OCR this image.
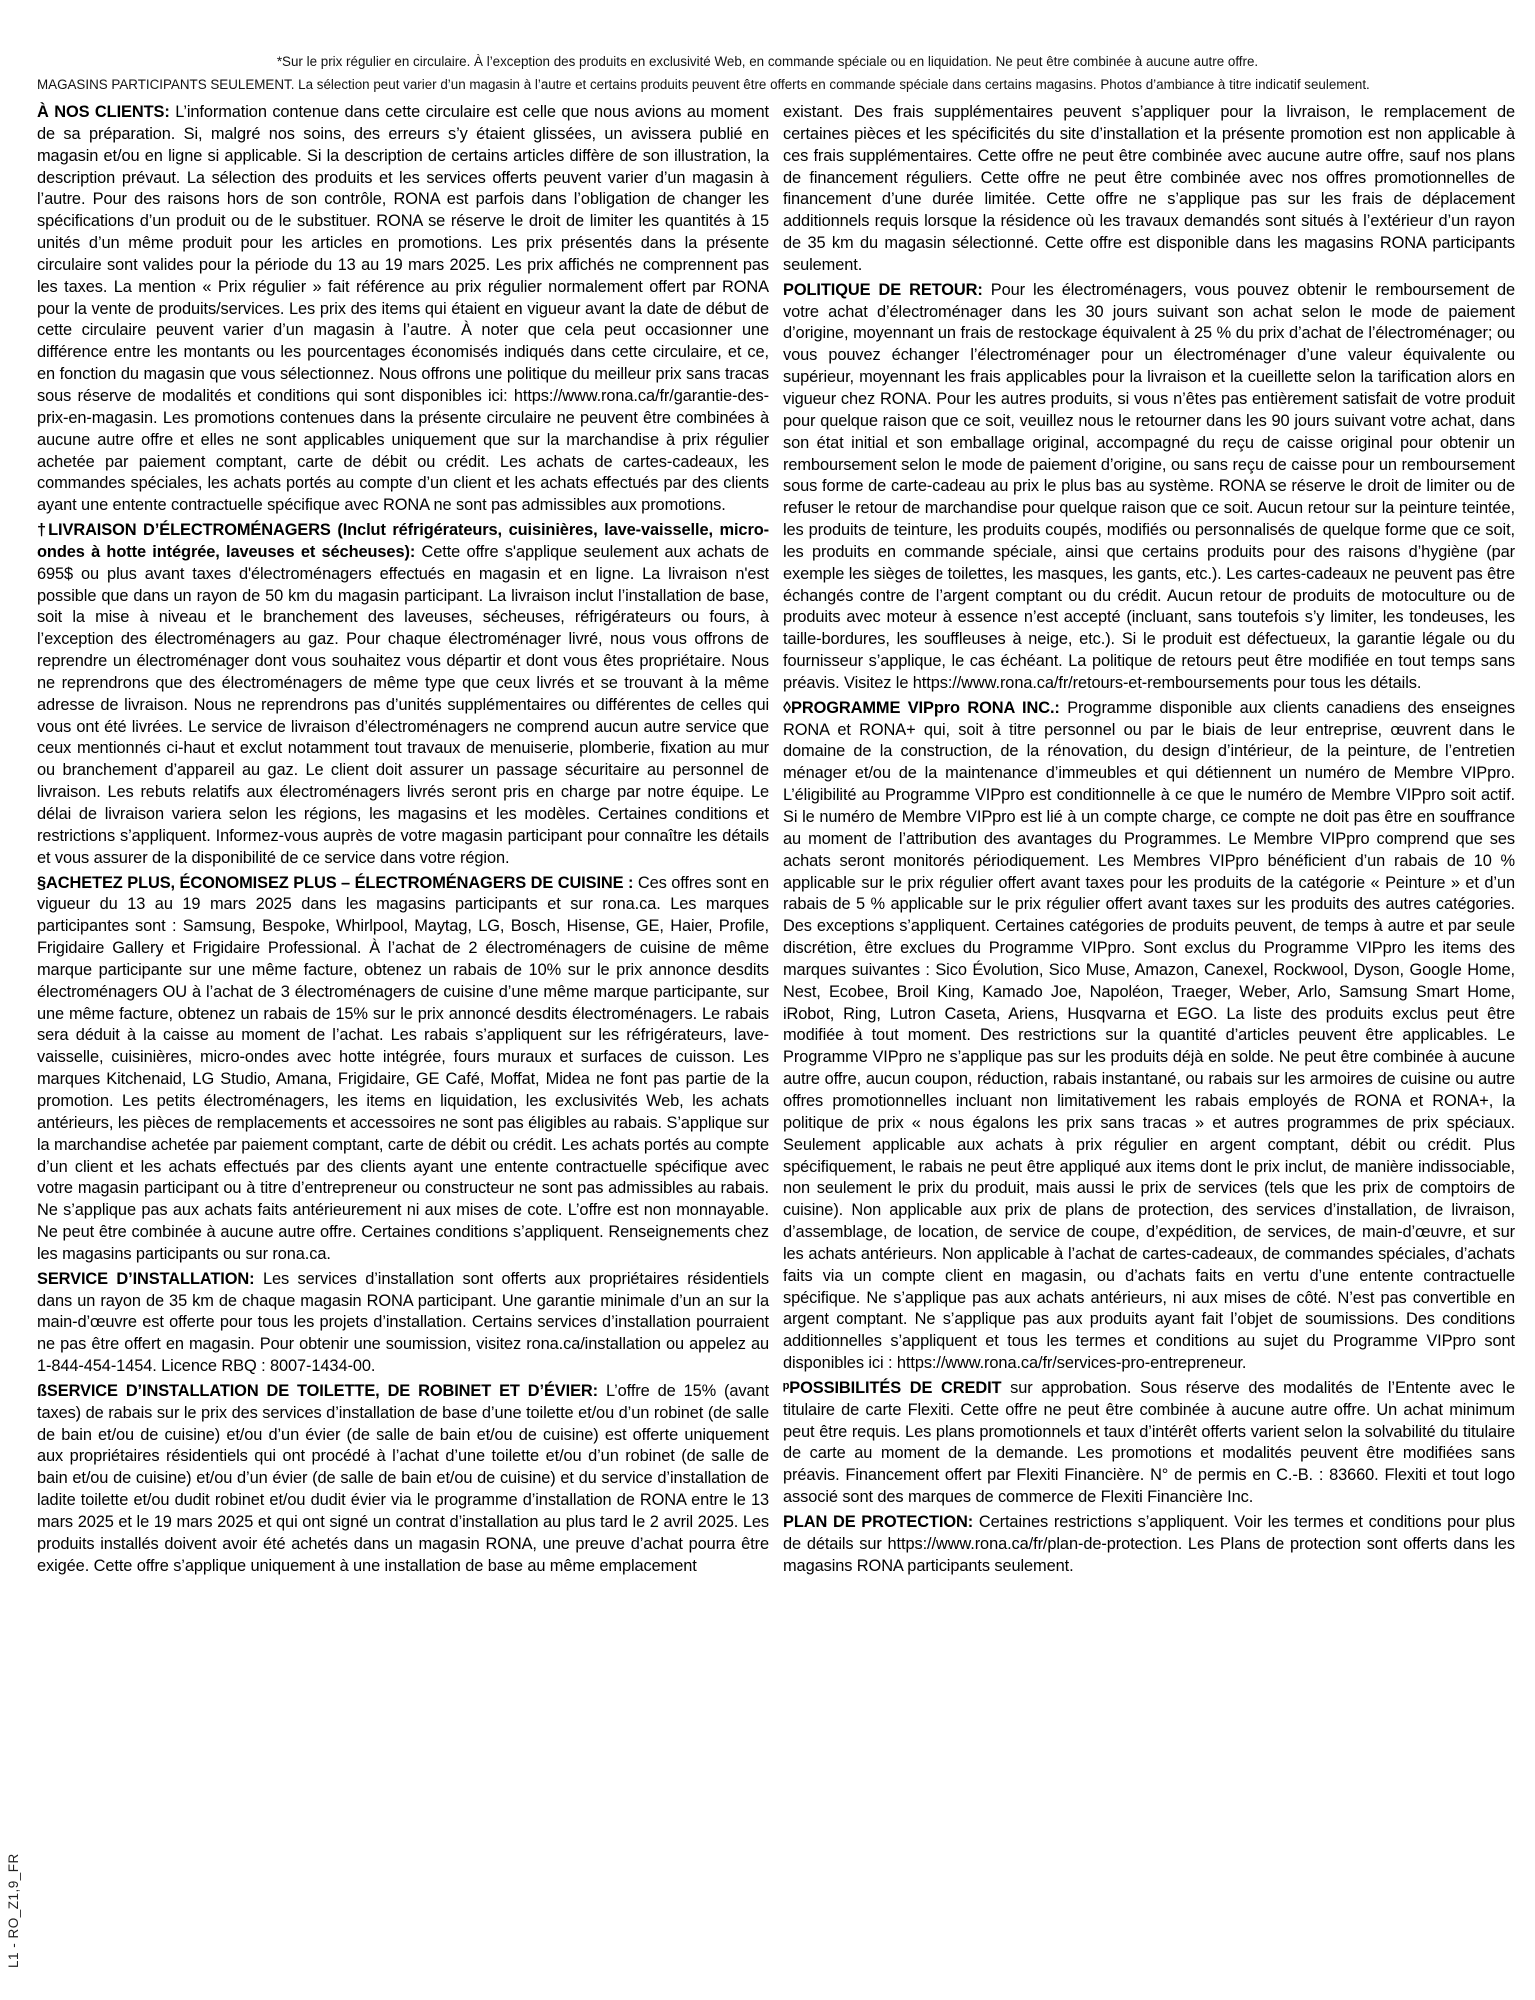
*Sur le prix régulier en circulaire. À l’exception des produits en exclusivité Web, en commande spéciale ou en liquidation. Ne peut être combinée à aucune autre offre.
MAGASINS PARTICIPANTS SEULEMENT. La sélection peut varier d’un magasin à l’autre et certains produits peuvent être offerts en commande spéciale dans certains magasins. Photos d’ambiance à titre indicatif seulement.

À NOS CLIENTS: L’information contenue dans cette circulaire est celle que nous avions au moment de sa préparation. Si, malgré nos soins, des erreurs s’y étaient glissées, un avissera publié en magasin et/ou en ligne si applicable. Si la description de certains articles diffère de son illustration, la description prévaut. La sélection des produits et les services offerts peuvent varier d’un magasin à l’autre. Pour des raisons hors de son contrôle, RONA est parfois dans l’obligation de changer les spécifications d’un produit ou de le substituer. RONA se réserve le droit de limiter les quantités à 15 unités d’un même produit pour les articles en promotions. Les prix présentés dans la présente circulaire sont valides pour la période du 13 au 19 mars 2025. Les prix affichés ne comprennent pas les taxes. La mention « Prix régulier » fait référence au prix régulier normalement offert par RONA pour la vente de produits/services. Les prix des items qui étaient en vigueur avant la date de début de cette circulaire peuvent varier d’un magasin à l’autre. À noter que cela peut occasionner une différence entre les montants ou les pourcentages économisés indiqués dans cette circulaire, et ce, en fonction du magasin que vous sélectionnez. Nous offrons une politique du meilleur prix sans tracas sous réserve de modalités et conditions qui sont disponibles ici: https://www.rona.ca/fr/garantie-des-prix-en-magasin. Les promotions contenues dans la présente circulaire ne peuvent être combinées à aucune autre offre et elles ne sont applicables uniquement que sur la marchandise à prix régulier achetée par paiement comptant, carte de débit ou crédit. Les achats de cartes-cadeaux, les commandes spéciales, les achats portés au compte d’un client et les achats effectués par des clients ayant une entente contractuelle spécifique avec RONA ne sont pas admissibles aux promotions.

†LIVRAISON D’ÉLECTROMÉNAGERS (Inclut réfrigérateurs, cuisinières, lave-vaisselle, micro-ondes à hotte intégrée, laveuses et sécheuses): Cette offre s'applique seulement aux achats de 695$ ou plus avant taxes d'électroménagers effectués en magasin et en ligne. La livraison n'est possible que dans un rayon de 50 km du magasin participant. La livraison inclut l’installation de base, soit la mise à niveau et le branchement des laveuses, sécheuses, réfrigérateurs ou fours, à l’exception des électroménagers au gaz. Pour chaque électroménager livré, nous vous offrons de reprendre un électroménager dont vous souhaitez vous départir et dont vous êtes propriétaire. Nous ne reprendrons que des électroménagers de même type que ceux livrés et se trouvant à la même adresse de livraison. Nous ne reprendrons pas d’unités supplémentaires ou différentes de celles qui vous ont été livrées. Le service de livraison d’électroménagers ne comprend aucun autre service que ceux mentionnés ci-haut et exclut notamment tout travaux de menuiserie, plomberie, fixation au mur ou branchement d’appareil au gaz. Le client doit assurer un passage sécuritaire au personnel de livraison. Les rebuts relatifs aux électroménagers livrés seront pris en charge par notre équipe. Le délai de livraison variera selon les régions, les magasins et les modèles. Certaines conditions et restrictions s’appliquent. Informez-vous auprès de votre magasin participant pour connaître les détails et vous assurer de la disponibilité de ce service dans votre région.

§ACHETEZ PLUS, ÉCONOMISEZ PLUS – ÉLECTROMÉNAGERS DE CUISINE : Ces offres sont en vigueur du 13 au 19 mars 2025 dans les magasins participants et sur rona.ca. Les marques participantes sont : Samsung, Bespoke, Whirlpool, Maytag, LG, Bosch, Hisense, GE, Haier, Profile, Frigidaire Gallery et Frigidaire Professional. À l’achat de 2 électroménagers de cuisine de même marque participante sur une même facture, obtenez un rabais de 10% sur le prix annonce desdits électroménagers OU à l’achat de 3 électroménagers de cuisine d’une même marque participante, sur une même facture, obtenez un rabais de 15% sur le prix annoncé desdits électroménagers. Le rabais sera déduit à la caisse au moment de l’achat. Les rabais s’appliquent sur les réfrigérateurs, lave-vaisselle, cuisinières, micro-ondes avec hotte intégrée, fours muraux et surfaces de cuisson. Les marques Kitchenaid, LG Studio, Amana, Frigidaire, GE Café, Moffat, Midea ne font pas partie de la promotion. Les petits électroménagers, les items en liquidation, les exclusivités Web, les achats antérieurs, les pièces de remplacements et accessoires ne sont pas éligibles au rabais. S’applique sur la marchandise achetée par paiement comptant, carte de débit ou crédit. Les achats portés au compte d’un client et les achats effectués par des clients ayant une entente contractuelle spécifique avec votre magasin participant ou à titre d’entrepreneur ou constructeur ne sont pas admissibles au rabais. Ne s’applique pas aux achats faits antérieurement ni aux mises de cote. L’offre est non monnayable. Ne peut être combinée à aucune autre offre. Certaines conditions s’appliquent. Renseignements chez les magasins participants ou sur rona.ca.

SERVICE D’INSTALLATION: Les services d’installation sont offerts aux propriétaires résidentiels dans un rayon de 35 km de chaque magasin RONA participant. Une garantie minimale d’un an sur la main-d’œuvre est offerte pour tous les projets d’installation. Certains services d’installation pourraient ne pas être offert en magasin. Pour obtenir une soumission, visitez rona.ca/installation ou appelez au 1-844-454-1454. Licence RBQ : 8007-1434-00.

ßSERVICE D’INSTALLATION DE TOILETTE, DE ROBINET ET D’ÉVIER: L’offre de 15% (avant taxes) de rabais sur le prix des services d’installation de base d’une toilette et/ou d’un robinet (de salle de bain et/ou de cuisine) et/ou d’un évier (de salle de bain et/ou de cuisine) est offerte uniquement aux propriétaires résidentiels qui ont procédé à l’achat d’une toilette et/ou d’un robinet (de salle de bain et/ou de cuisine) et/ou d’un évier (de salle de bain et/ou de cuisine) et du service d’installation de ladite toilette et/ou dudit robinet et/ou dudit évier via le programme d’installation de RONA entre le 13 mars 2025 et le 19 mars 2025 et qui ont signé un contrat d’installation au plus tard le 2 avril 2025. Les produits installés doivent avoir été achetés dans un magasin RONA, une preuve d’achat pourra être exigée. Cette offre s’applique uniquement à une installation de base au même emplacement

existant. Des frais supplémentaires peuvent s’appliquer pour la livraison, le remplacement de certaines pièces et les spécificités du site d’installation et la présente promotion est non applicable à ces frais supplémentaires. Cette offre ne peut être combinée avec aucune autre offre, sauf nos plans de financement réguliers. Cette offre ne peut être combinée avec nos offres promotionnelles de financement d’une durée limitée. Cette offre ne s’applique pas sur les frais de déplacement additionnels requis lorsque la résidence où les travaux demandés sont situés à l’extérieur d’un rayon de 35 km du magasin sélectionné. Cette offre est disponible dans les magasins RONA participants seulement.

POLITIQUE DE RETOUR: Pour les électroménagers, vous pouvez obtenir le remboursement de votre achat d’électroménager dans les 30 jours suivant son achat selon le mode de paiement d’origine, moyennant un frais de restockage équivalent à 25 % du prix d’achat de l’électroménager; ou vous pouvez échanger l’électroménager pour un électroménager d’une valeur équivalente ou supérieur, moyennant les frais applicables pour la livraison et la cueillette selon la tarification alors en vigueur chez RONA. Pour les autres produits, si vous n’êtes pas entièrement satisfait de votre produit pour quelque raison que ce soit, veuillez nous le retourner dans les 90 jours suivant votre achat, dans son état initial et son emballage original, accompagné du reçu de caisse original pour obtenir un remboursement selon le mode de paiement d’origine, ou sans reçu de caisse pour un remboursement sous forme de carte-cadeau au prix le plus bas au système. RONA se réserve le droit de limiter ou de refuser le retour de marchandise pour quelque raison que ce soit. Aucun retour sur la peinture teintée, les produits de teinture, les produits coupés, modifiés ou personnalisés de quelque forme que ce soit, les produits en commande spéciale, ainsi que certains produits pour des raisons d’hygiène (par exemple les sièges de toilettes, les masques, les gants, etc.). Les cartes-cadeaux ne peuvent pas être échangés contre de l’argent comptant ou du crédit. Aucun retour de produits de motoculture ou de produits avec moteur à essence n’est accepté (incluant, sans toutefois s’y limiter, les tondeuses, les taille-bordures, les souffleuses à neige, etc.). Si le produit est défectueux, la garantie légale ou du fournisseur s’applique, le cas échéant. La politique de retours peut être modifiée en tout temps sans préavis. Visitez le https://www.rona.ca/fr/retours-et-remboursements pour tous les détails.

◊PROGRAMME VIPpro RONA INC.: Programme disponible aux clients canadiens des enseignes RONA et RONA+ qui, soit à titre personnel ou par le biais de leur entreprise, œuvrent dans le domaine de la construction, de la rénovation, du design d’intérieur, de la peinture, de l’entretien ménager et/ou de la maintenance d’immeubles et qui détiennent un numéro de Membre VIPpro. L’éligibilité au Programme VIPpro est conditionnelle à ce que le numéro de Membre VIPpro soit actif. Si le numéro de Membre VIPpro est lié à un compte charge, ce compte ne doit pas être en souffrance au moment de l’attribution des avantages du Programmes. Le Membre VIPpro comprend que ses achats seront monitorés périodiquement. Les Membres VIPpro bénéficient d’un rabais de 10 % applicable sur le prix régulier offert avant taxes pour les produits de la catégorie « Peinture » et d’un rabais de 5 % applicable sur le prix régulier offert avant taxes sur les produits des autres catégories. Des exceptions s’appliquent. Certaines catégories de produits peuvent, de temps à autre et par seule discrétion, être exclues du Programme VIPpro. Sont exclus du Programme VIPpro les items des marques suivantes : Sico Évolution, Sico Muse, Amazon, Canexel, Rockwool, Dyson, Google Home, Nest, Ecobee, Broil King, Kamado Joe, Napoléon, Traeger, Weber, Arlo, Samsung Smart Home, iRobot, Ring, Lutron Caseta, Ariens, Husqvarna et EGO. La liste des produits exclus peut être modifiée à tout moment. Des restrictions sur la quantité d’articles peuvent être applicables. Le Programme VIPpro ne s’applique pas sur les produits déjà en solde. Ne peut être combinée à aucune autre offre, aucun coupon, réduction, rabais instantané, ou rabais sur les armoires de cuisine ou autre offres promotionnelles incluant non limitativement les rabais employés de RONA et RONA+, la politique de prix « nous égalons les prix sans tracas » et autres programmes de prix spéciaux. Seulement applicable aux achats à prix régulier en argent comptant, débit ou crédit. Plus spécifiquement, le rabais ne peut être appliqué aux items dont le prix inclut, de manière indissociable, non seulement le prix du produit, mais aussi le prix de services (tels que les prix de comptoirs de cuisine). Non applicable aux prix de plans de protection, des services d’installation, de livraison, d’assemblage, de location, de service de coupe, d’expédition, de services, de main-d’œuvre, et sur les achats antérieurs. Non applicable à l’achat de cartes-cadeaux, de commandes spéciales, d’achats faits via un compte client en magasin, ou d’achats faits en vertu d’une entente contractuelle spécifique. Ne s’applique pas aux achats antérieurs, ni aux mises de côté. N’est pas convertible en argent comptant. Ne s’applique pas aux produits ayant fait l’objet de soumissions. Des conditions additionnelles s’appliquent et tous les termes et conditions au sujet du Programme VIPpro sont disponibles ici : https://www.rona.ca/fr/services-pro-entrepreneur.

ᵖPOSSIBILITÉS DE CREDIT sur approbation. Sous réserve des modalités de l’Entente avec le titulaire de carte Flexiti. Cette offre ne peut être combinée à aucune autre offre. Un achat minimum peut être requis. Les plans promotionnels et taux d’intérêt offerts varient selon la solvabilité du titulaire de carte au moment de la demande. Les promotions et modalités peuvent être modifiées sans préavis. Financement offert par Flexiti Financière. N° de permis en C.-B. : 83660. Flexiti et tout logo associé sont des marques de commerce de Flexiti Financière Inc.

PLAN DE PROTECTION: Certaines restrictions s’appliquent. Voir les termes et conditions pour plus de détails sur https://www.rona.ca/fr/plan-de-protection. Les Plans de protection sont offerts dans les magasins RONA participants seulement.

L1 - RO_Z1,9_FR
